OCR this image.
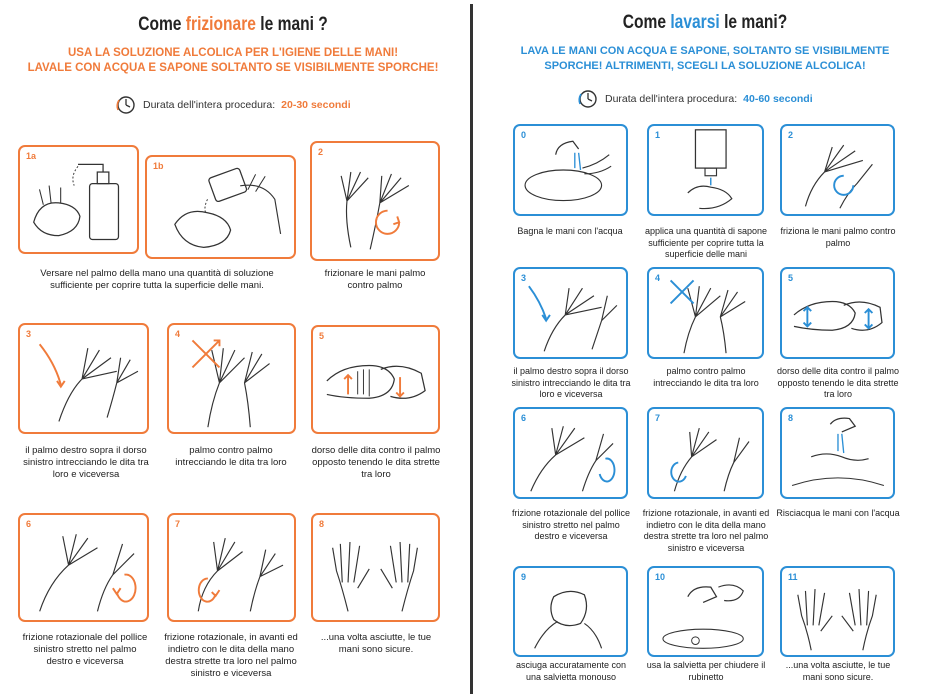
Come frizionare le mani ?
USA LA SOLUZIONE ALCOLICA PER L'IGIENE DELLE MANI!
LAVALE CON ACQUA E SAPONE SOLTANTO SE VISIBILMENTE SPORCHE!
Durata dell'intera procedura: 20-30 secondi
1a
1b
2
Versare nel palmo della mano una quantità di soluzione sufficiente per coprire tutta la superficie delle mani.
frizionare le mani palmo contro palmo
3	4	5
il palmo destro sopra il dorso sinistro intrecciando le dita tra loro e viceversa
palmo contro palmo intrecciando le dita tra loro
dorso delle dita contro il palmo opposto tenendo le dita strette tra loro
6	7	8
frizione rotazionale del pollice sinistro stretto nel palmo destro e viceversa
frizione rotazionale, in avanti ed indietro con le dita della mano destra strette tra loro nel palmo sinistro e viceversa
...una volta asciutte, le tue mani sono sicure.
Come lavarsi le mani?
LAVA LE MANI CON ACQUA E SAPONE, SOLTANTO SE VISIBILMENTE
SPORCHE! ALTRIMENTI, SCEGLI LA SOLUZIONE ALCOLICA!
Durata dell'intera procedura: 40-60 secondi
0	1	2
Bagna le mani con l'acqua	applica una quantità di sapone sufficiente per coprire tutta la superficie delle mani
friziona le mani palmo contro palmo
3	4	5
il palmo destro sopra il dorso sinistro intrecciando le dita tra loro e viceversa
palmo contro palmo intrecciando le dita tra loro
dorso delle dita contro il palmo opposto tenendo le dita strette tra loro
6	7	8
frizione rotazionale del pollice sinistro stretto nel palmo destro e viceversa
frizione rotazionale, in avanti ed indietro con le dita della mano destra strette tra loro nel palmo sinistro e viceversa
Risciacqua le mani con l'acqua
9	10	11
asciuga accuratamente con una salvietta monouso
usa la salvietta per chiudere il rubinetto
...una volta asciutte, le tue mani sono sicure.
